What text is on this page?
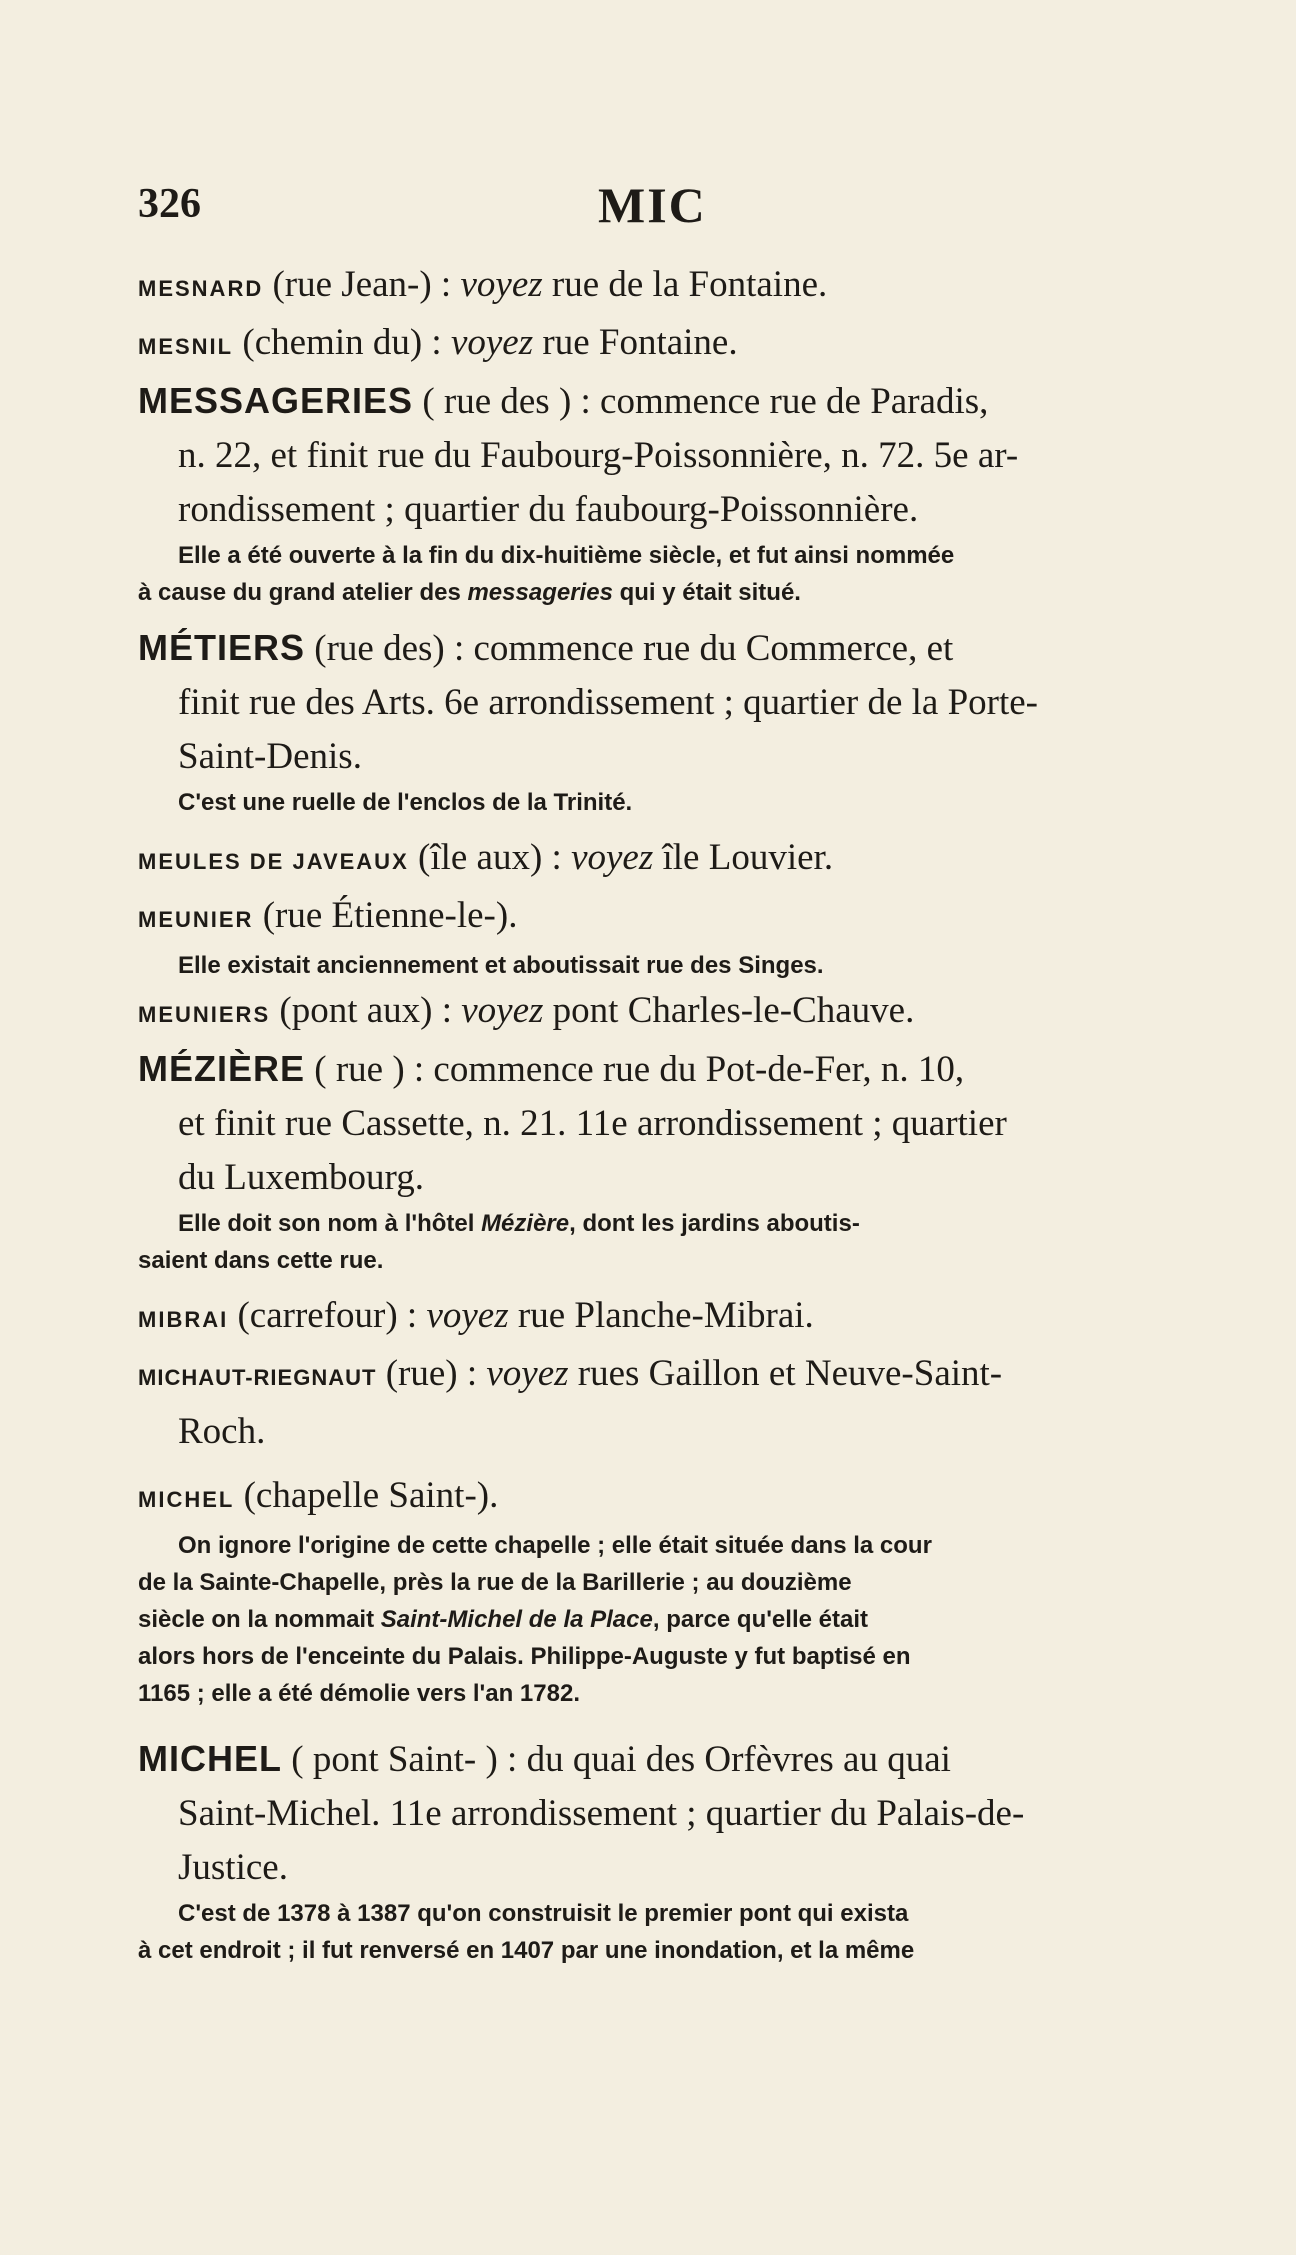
326	MIC
MESNARD (rue Jean-) : voyez rue de la Fontaine.
MESNIL (chemin du) : voyez rue Fontaine.
MESSAGERIES ( rue des ) : commence rue de Paradis,
n. 22, et finit rue du Faubourg-Poissonnière, n. 72. 5e ar-
rondissement ; quartier du faubourg-Poissonnière.
Elle a été ouverte à la fin du dix-huitième siècle, et fut ainsi nommée
à cause du grand atelier des messageries qui y était situé.
MÉTIERS (rue des) : commence rue du Commerce, et
finit rue des Arts. 6e arrondissement ; quartier de la Porte-
Saint-Denis.
C'est une ruelle de l'enclos de la Trinité.
MEULES DE JAVEAUX (île aux) : voyez île Louvier.
MEUNIER (rue Étienne-le-).
Elle existait anciennement et aboutissait rue des Singes.
MEUNIERS (pont aux) : voyez pont Charles-le-Chauve.
MÉZIÈRE ( rue ) : commence rue du Pot-de-Fer, n. 10,
et finit rue Cassette, n. 21. 11e arrondissement ; quartier
du Luxembourg.
Elle doit son nom à l'hôtel Mézière, dont les jardins aboutis-
saient dans cette rue.
MIBRAI (carrefour) : voyez rue Planche-Mibrai.
MICHAUT-RIEGNAUT (rue) : voyez rues Gaillon et Neuve-Saint-
Roch.
MICHEL (chapelle Saint-).
On ignore l'origine de cette chapelle ; elle était située dans la cour
de la Sainte-Chapelle, près la rue de la Barillerie ; au douzième
siècle on la nommait Saint-Michel de la Place, parce qu'elle était
alors hors de l'enceinte du Palais. Philippe-Auguste y fut baptisé en
1165 ; elle a été démolie vers l'an 1782.
MICHEL ( pont Saint- ) : du quai des Orfèvres au quai
Saint-Michel. 11e arrondissement ; quartier du Palais-de-
Justice.
C'est de 1378 à 1387 qu'on construisit le premier pont qui exista
à cet endroit ; il fut renversé en 1407 par une inondation, et la même
